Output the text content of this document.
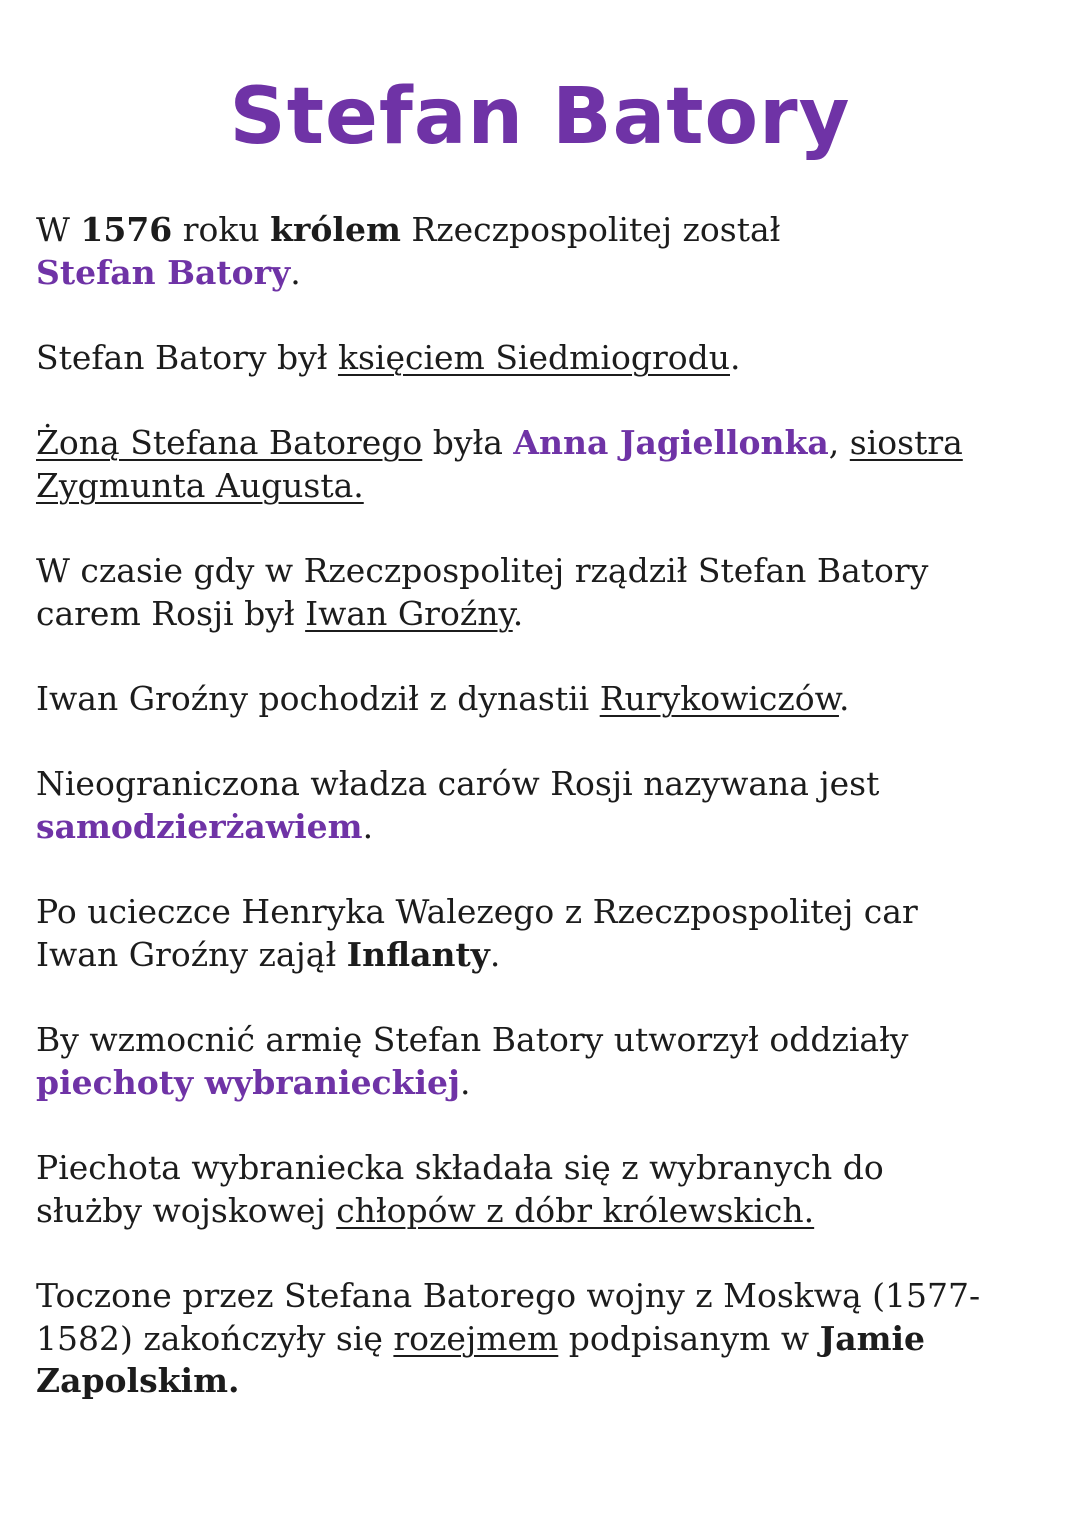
Stefan Batory

W 1576 roku królem Rzeczpospolitej został
Stefan Batory.

Stefan Batory był księciem Siedmiogrodu.

Żoną Stefana Batorego była Anna Jagiellonka, siostra
Zygmunta Augusta.

W czasie gdy w Rzeczpospolitej rządził Stefan Batory
carem Rosji był Iwan Groźny.

Iwan Groźny pochodził z dynastii Rurykowiczów.

Nieograniczona władza carów Rosji nazywana jest
samodzierżawiem.

Po ucieczce Henryka Walezego z Rzeczpospolitej car
Iwan Groźny zajął Inflanty.

By wzmocnić armię Stefan Batory utworzył oddziały
piechoty wybranieckiej.

Piechota wybraniecka składała się z wybranych do
służby wojskowej chłopów z dóbr królewskich.

Toczone przez Stefana Batorego wojny z Moskwą (1577-
1582) zakończyły się rozejmem podpisanym w Jamie
Zapolskim.
